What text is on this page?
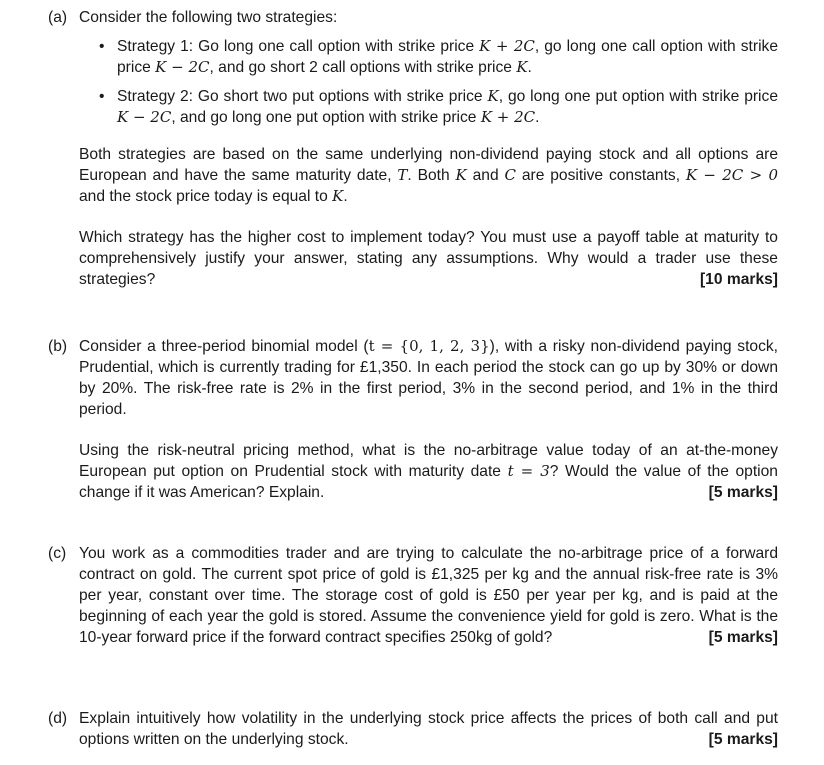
(a) Consider the following two strategies:

• Strategy 1: Go long one call option with strike price K + 2C, go long one call option with strike price K − 2C, and go short 2 call options with strike price K.
• Strategy 2: Go short two put options with strike price K, go long one put option with strike price K − 2C, and go long one put option with strike price K + 2C.

Both strategies are based on the same underlying non-dividend paying stock and all options are European and have the same maturity date, T. Both K and C are positive constants, K − 2C > 0 and the stock price today is equal to K.

Which strategy has the higher cost to implement today? You must use a payoff table at maturity to comprehensively justify your answer, stating any assumptions. Why would a trader use these strategies?	[10 marks]
(b) Consider a three-period binomial model (t = {0, 1, 2, 3}), with a risky non-dividend paying stock, Prudential, which is currently trading for £1,350. In each period the stock can go up by 30% or down by 20%. The risk-free rate is 2% in the first period, 3% in the second period, and 1% in the third period.

Using the risk-neutral pricing method, what is the no-arbitrage value today of an at-the-money European put option on Prudential stock with maturity date t = 3? Would the value of the option change if it was American? Explain.	[5 marks]
(c) You work as a commodities trader and are trying to calculate the no-arbitrage price of a forward contract on gold. The current spot price of gold is £1,325 per kg and the annual risk-free rate is 3% per year, constant over time. The storage cost of gold is £50 per year per kg, and is paid at the beginning of each year the gold is stored. Assume the convenience yield for gold is zero. What is the 10-year forward price if the forward contract specifies 250kg of gold?	[5 marks]
(d) Explain intuitively how volatility in the underlying stock price affects the prices of both call and put options written on the underlying stock.	[5 marks]
